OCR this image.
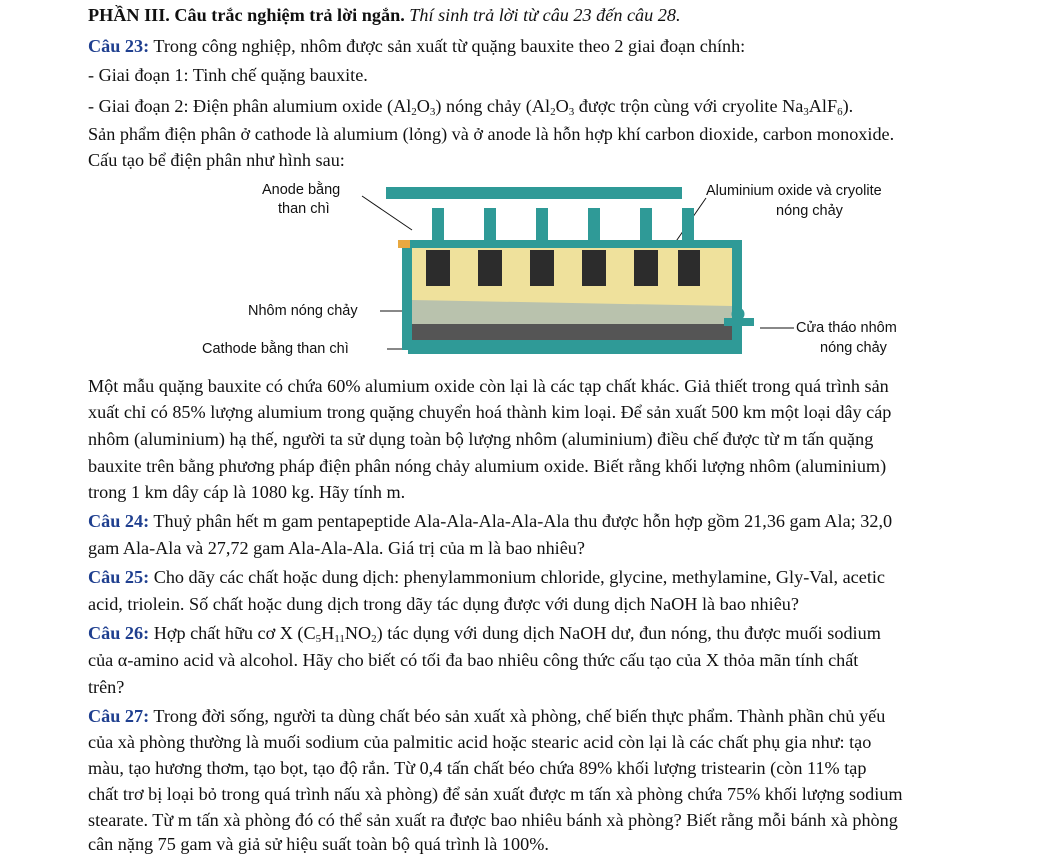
PHẦN III. Câu trắc nghiệm trả lời ngắn. Thí sinh trả lời từ câu 23 đến câu 28.
Câu 23: Trong công nghiệp, nhôm được sản xuất từ quặng bauxite theo 2 giai đoạn chính:
- Giai đoạn 1: Tinh chế quặng bauxite.
- Giai đoạn 2: Điện phân alumium oxide $(Al_2O_3)$ nóng chảy ($Al_2O_3$ được trộn cùng với cryolite $Na_3AlF_6$).
Sản phẩm điện phân ở cathode là alumium (lỏng) và ở anode là hỗn hợp khí carbon dioxide, carbon monoxide.
Cấu tạo bể điện phân như hình sau:
Anode bằng
than chì
Aluminium oxide và cryolite
nóng chảy
Nhôm nóng chảy
Cathode bằng than chì
Cửa tháo nhôm
nóng chảy
Một mẫu quặng bauxite có chứa 60% alumium oxide còn lại là các tạp chất khác. Giả thiết trong quá trình sản
xuất chỉ có 85% lượng alumium trong quặng chuyển hoá thành kim loại. Để sản xuất 500 km một loại dây cáp
nhôm (aluminium) hạ thế, người ta sử dụng toàn bộ lượng nhôm (aluminium) điều chế được từ m tấn quặng
bauxite trên bằng phương pháp điện phân nóng chảy alumium oxide. Biết rằng khối lượng nhôm (aluminium)
trong 1 km dây cáp là 1080 kg. Hãy tính m.
Câu 24: Thuỷ phân hết m gam pentapeptide Ala-Ala-Ala-Ala-Ala thu được hỗn hợp gồm 21,36 gam Ala; 32,0
gam Ala-Ala và 27,72 gam Ala-Ala-Ala. Giá trị của m là bao nhiêu?
Câu 25: Cho dãy các chất hoặc dung dịch: phenylammonium chloride, glycine, methylamine, Gly-Val, acetic
acid, triolein. Số chất hoặc dung dịch trong dãy tác dụng được với dung dịch NaOH là bao nhiêu?
Câu 26: Hợp chất hữu cơ X $(C_5H_{11}NO_2)$ tác dụng với dung dịch NaOH dư, đun nóng, thu được muối sodium
của α-amino acid và alcohol. Hãy cho biết có tối đa bao nhiêu công thức cấu tạo của X thỏa mãn tính chất
trên?
Câu 27: Trong đời sống, người ta dùng chất béo sản xuất xà phòng, chế biến thực phẩm. Thành phần chủ yếu
của xà phòng thường là muối sodium của palmitic acid hoặc stearic acid còn lại là các chất phụ gia như: tạo
màu, tạo hương thơm, tạo bọt, tạo độ rắn. Từ 0,4 tấn chất béo chứa 89% khối lượng tristearin (còn 11% tạp
chất trơ bị loại bỏ trong quá trình nấu xà phòng) để sản xuất được m tấn xà phòng chứa 75% khối lượng sodium
stearate. Từ m tấn xà phòng đó có thể sản xuất ra được bao nhiêu bánh xà phòng? Biết rằng mỗi bánh xà phòng
cân nặng 75 gam và giả sử hiệu suất toàn bộ quá trình là 100%.
